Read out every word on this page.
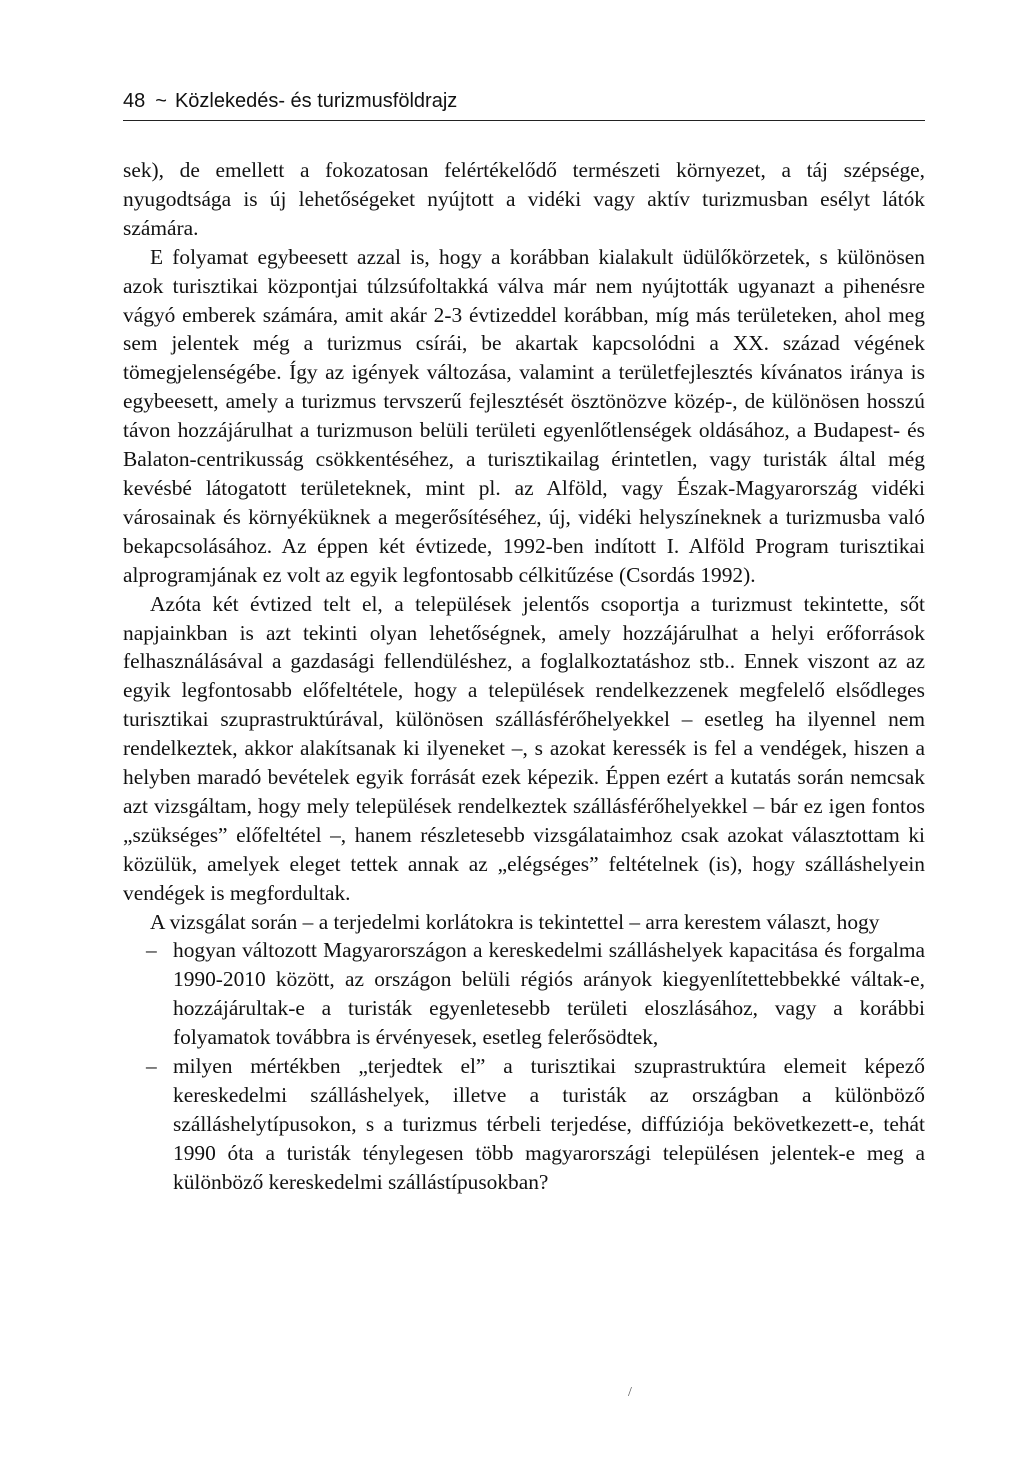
48 ~ Közlekedés- és turizmusföldrajz

sek), de emellett a fokozatosan felértékelődő természeti környezet, a táj szépsége, nyugodtsága is új lehetőségeket nyújtott a vidéki vagy aktív turizmusban esélyt látók számára.

E folyamat egybeesett azzal is, hogy a korábban kialakult üdülőkörzetek, s különösen azok turisztikai központjai túlzsúfoltakká válva már nem nyújtották ugyanazt a pihenésre vágyó emberek számára, amit akár 2-3 évtizeddel korábban, míg más területeken, ahol meg sem jelentek még a turizmus csírái, be akartak kapcsolódni a XX. század végének tömegjelenségébe. Így az igények változása, valamint a területfejlesztés kívánatos iránya is egybeesett, amely a turizmus tervszerű fejlesztését ösztönözve közép-, de különösen hosszú távon hozzájárulhat a turizmuson belüli területi egyenlőtlenségek oldásához, a Budapest- és Balaton-centrikusság csökkentéséhez, a turisztikailag érintetlen, vagy turisták által még kevésbé látogatott területeknek, mint pl. az Alföld, vagy Észak-Magyarország vidéki városainak és környéküknek a megerősítéséhez, új, vidéki helyszíneknek a turizmusba való bekapcsolásához. Az éppen két évtizede, 1992-ben indított I. Alföld Program turisztikai alprogramjának ez volt az egyik legfontosabb célkitűzése (Csordás 1992).

Azóta két évtized telt el, a települések jelentős csoportja a turizmust tekintette, sőt napjainkban is azt tekinti olyan lehetőségnek, amely hozzájárulhat a helyi erőforrások felhasználásával a gazdasági fellendüléshez, a foglalkoztatáshoz stb.. Ennek viszont az az egyik legfontosabb előfeltétele, hogy a települések rendelkezzenek megfelelő elsődleges turisztikai szuprastruktúrával, különösen szállásférőhelyekkel – esetleg ha ilyennel nem rendelkeztek, akkor alakítsanak ki ilyeneket –, s azokat keressék is fel a vendégek, hiszen a helyben maradó bevételek egyik forrását ezek képezik. Éppen ezért a kutatás során nemcsak azt vizsgáltam, hogy mely települések rendelkeztek szállásférőhelyekkel – bár ez igen fontos „szükséges” előfeltétel –, hanem részletesebb vizsgálataimhoz csak azokat választottam ki közülük, amelyek eleget tettek annak az „elégséges” feltételnek (is), hogy szálláshelyein vendégek is megfordultak.

A vizsgálat során – a terjedelmi korlátokra is tekintettel – arra kerestem választ, hogy

– hogyan változott Magyarországon a kereskedelmi szálláshelyek kapacitása és forgalma 1990-2010 között, az országon belüli régiós arányok kiegyenlítettebbekké váltak-e, hozzájárultak-e a turisták egyenletesebb területi eloszlásához, vagy a korábbi folyamatok továbbra is érvényesek, esetleg felerősödtek,
– milyen mértékben „terjedtek el” a turisztikai szuprastruktúra elemeit képező kereskedelmi szálláshelyek, illetve a turisták az országban a különböző szálláshelytípusokon, s a turizmus térbeli terjedése, diffúziója bekövetkezett-e, tehát 1990 óta a turisták ténylegesen több magyarországi településen jelentek-e meg a különböző kereskedelmi szállástípusokban?
/
